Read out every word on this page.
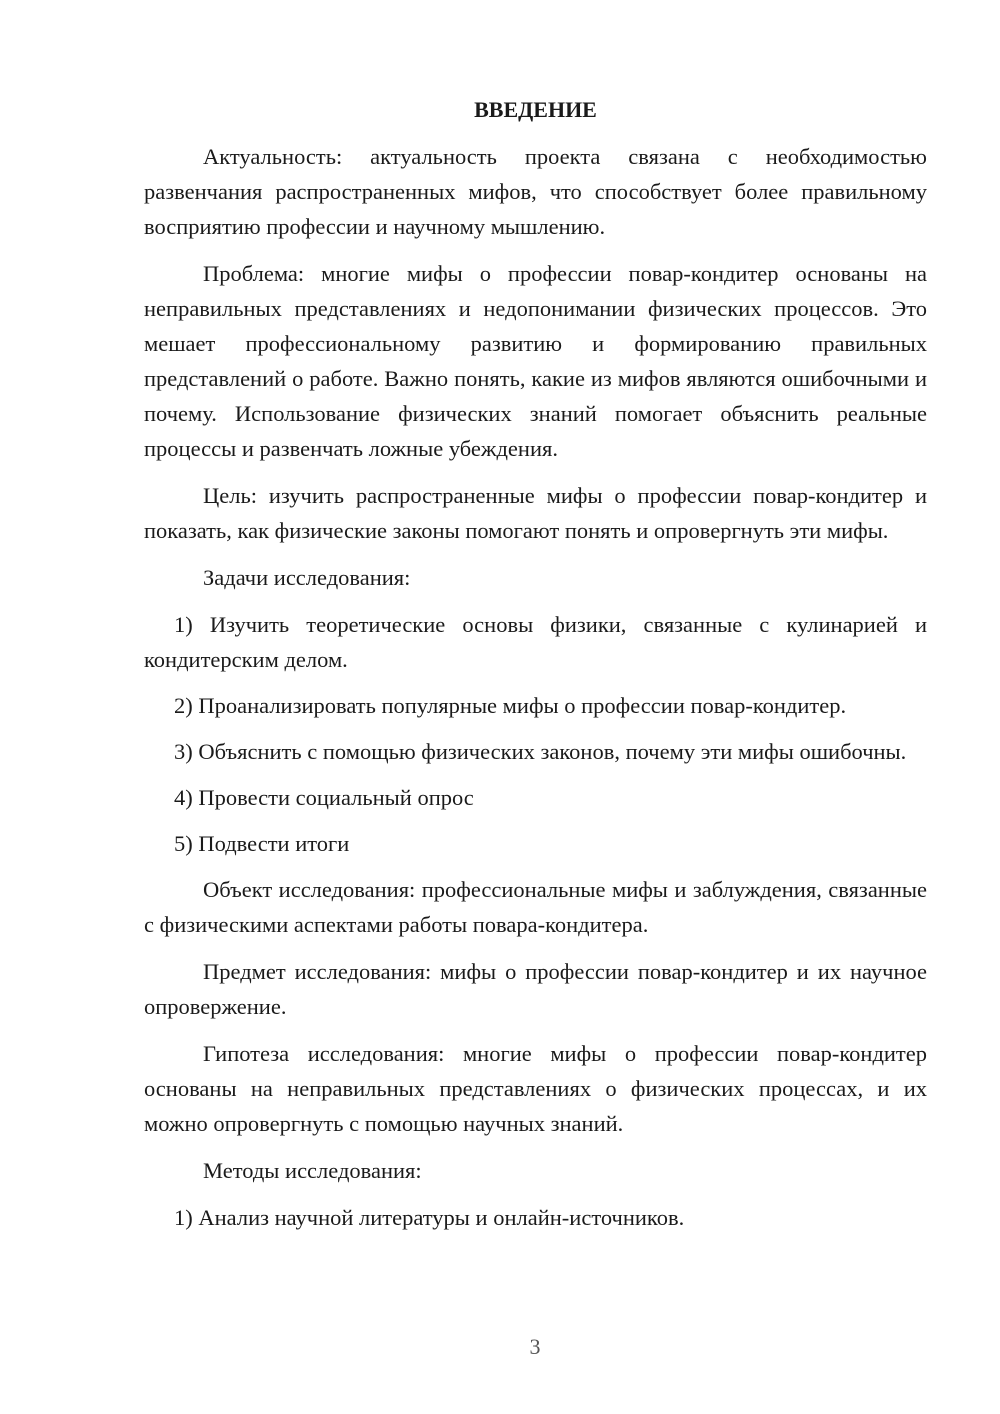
ВВЕДЕНИЕ

Актуальность: актуальность проекта связана с необходимостью развенчания распространенных мифов, что способствует более правильному восприятию профессии и научному мышлению.

Проблема: многие мифы о профессии повар-кондитер основаны на неправильных представлениях и недопонимании физических процессов. Это мешает профессиональному развитию и формированию правильных представлений о работе. Важно понять, какие из мифов являются ошибочными и почему. Использование физических знаний помогает объяснить реальные процессы и развенчать ложные убеждения.

Цель: изучить распространенные мифы о профессии повар-кондитер и показать, как физические законы помогают понять и опровергнуть эти мифы.

Задачи исследования:

1) Изучить теоретические основы физики, связанные с кулинарией и кондитерским делом.

2) Проанализировать популярные мифы о профессии повар-кондитер.

3) Объяснить с помощью физических законов, почему эти мифы ошибочны.

4) Провести социальный опрос

5) Подвести итоги

Объект исследования: профессиональные мифы и заблуждения, связанные с физическими аспектами работы повара-кондитера.

Предмет исследования: мифы о профессии повар-кондитер и их научное опровержение.

Гипотеза исследования: многие мифы о профессии повар-кондитер основаны на неправильных представлениях о физических процессах, и их можно опровергнуть с помощью научных знаний.

Методы исследования:

1) Анализ научной литературы и онлайн-источников.

3
